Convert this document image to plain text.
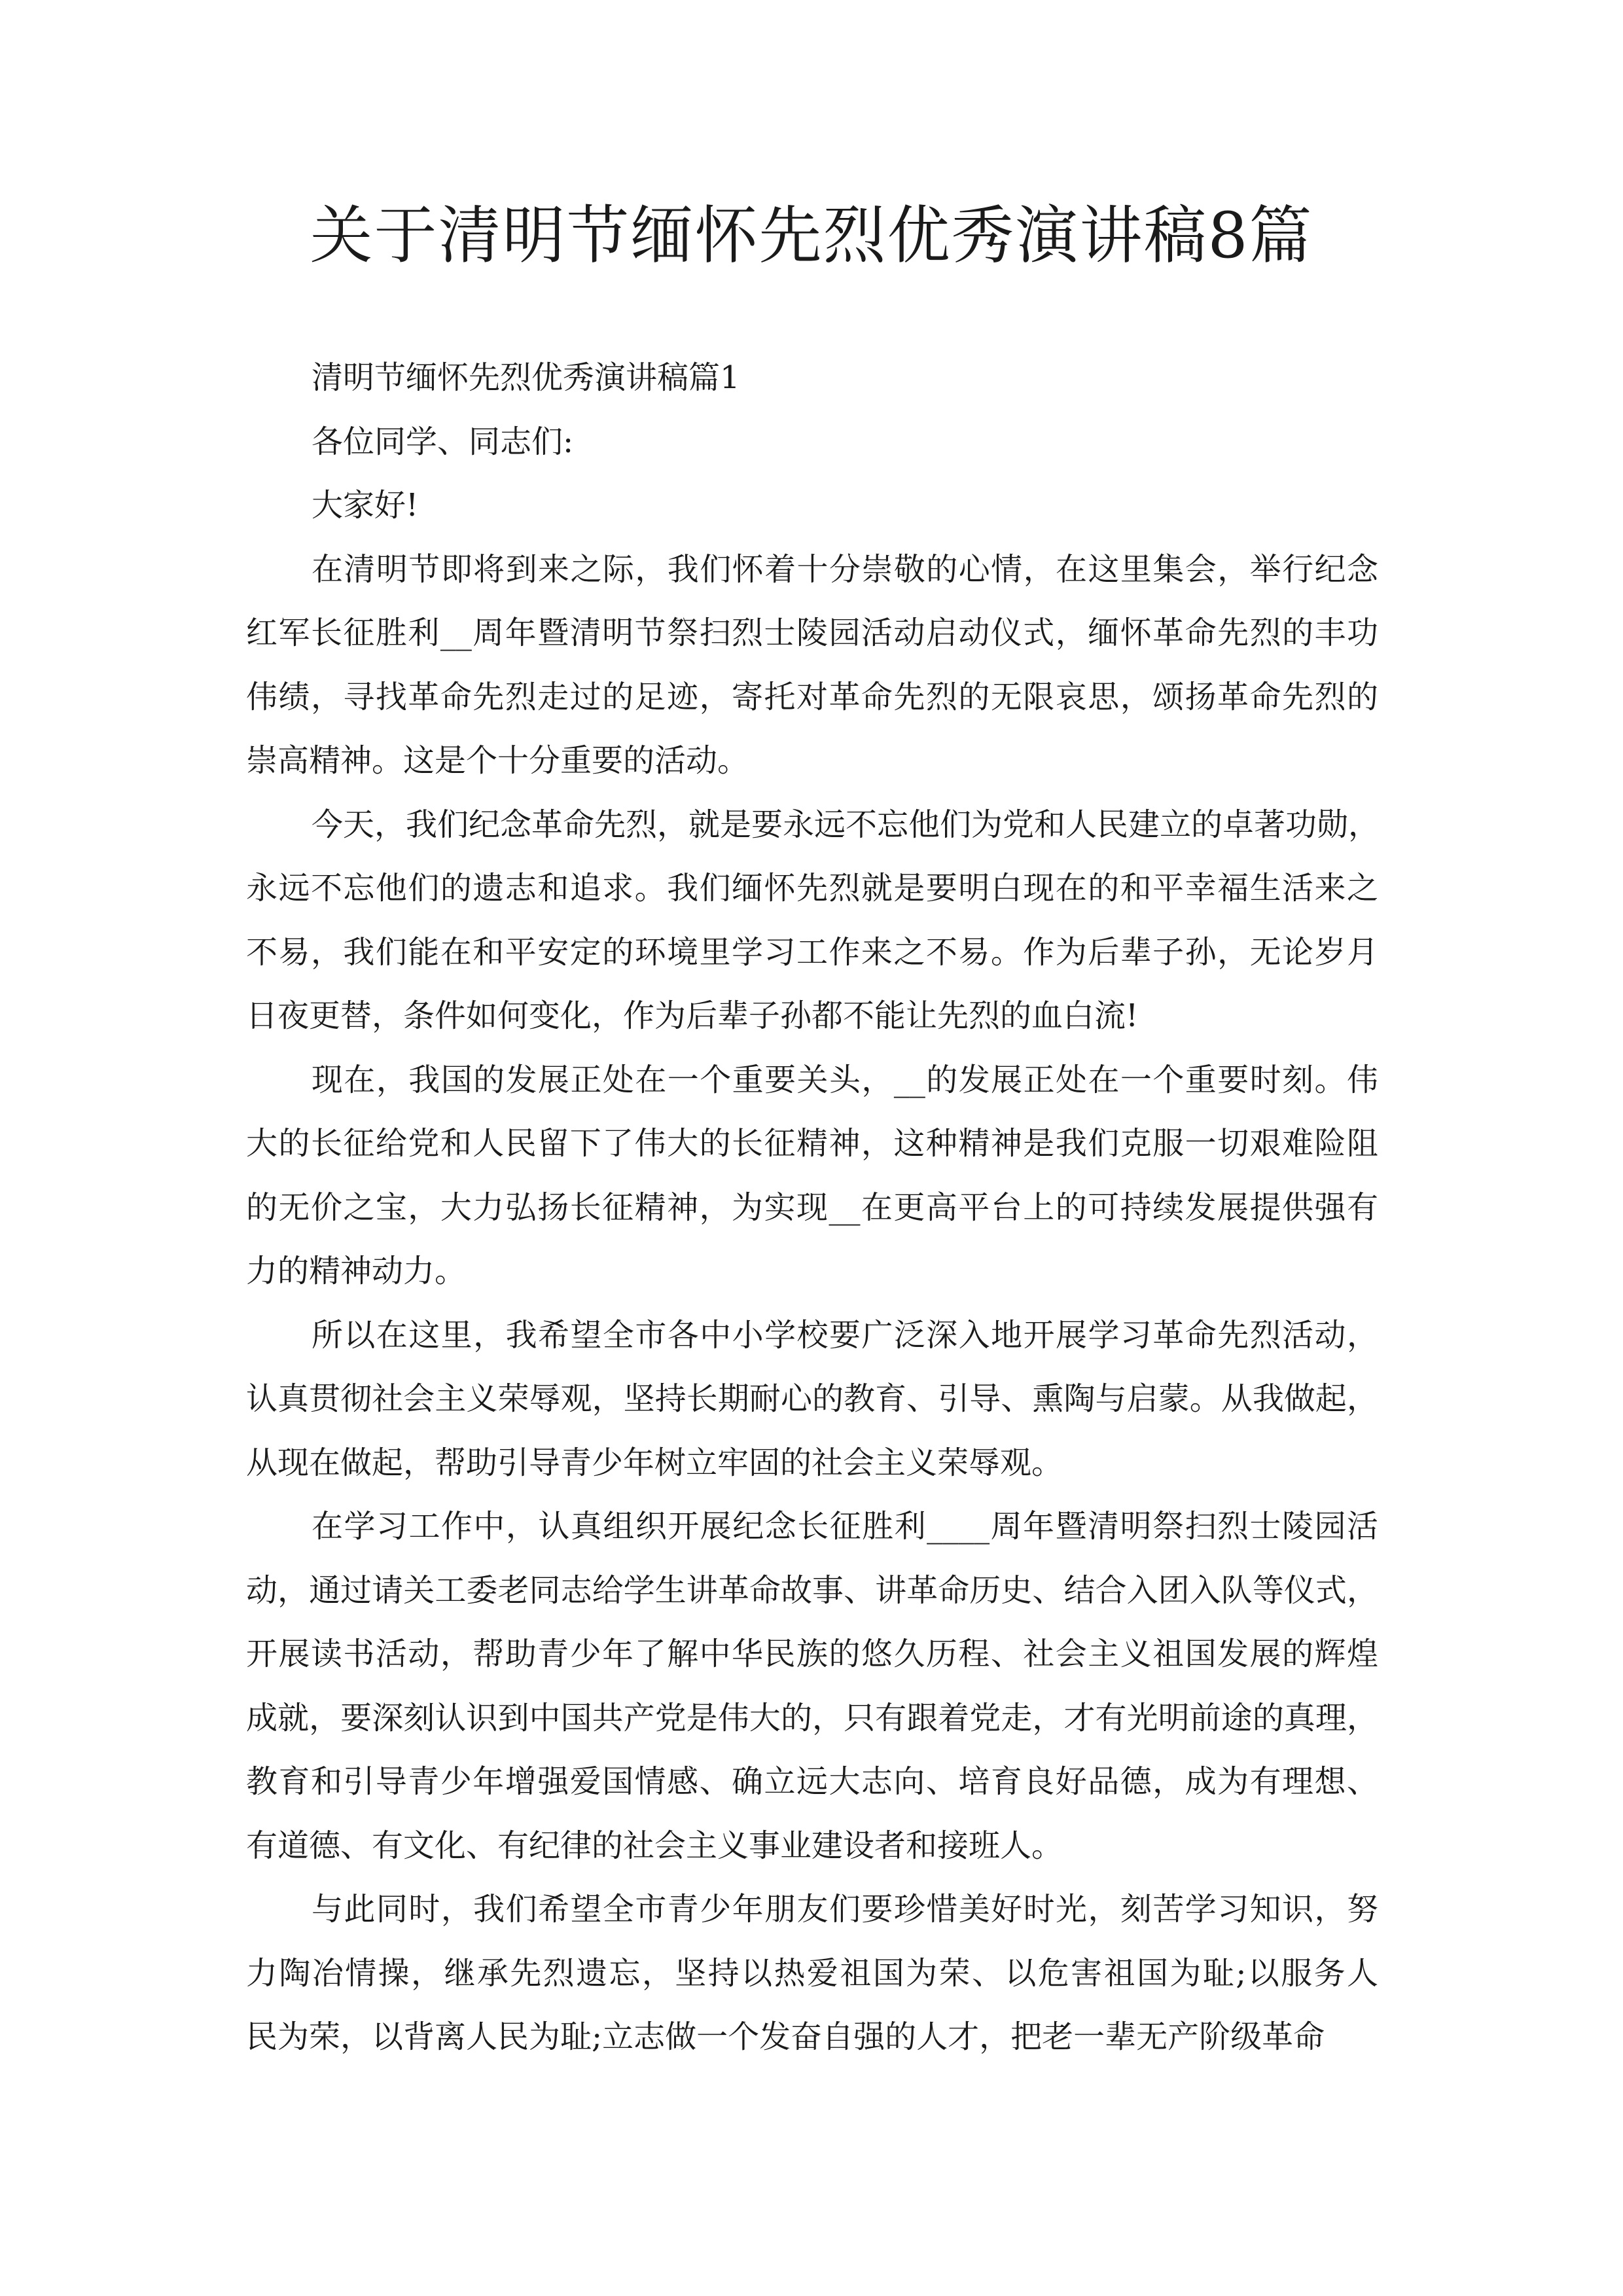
关于清明节缅怀先烈优秀演讲稿8篇
清明节缅怀先烈优秀演讲稿篇1
各位同学、同志们:
大家好!
在清明节即将到来之际，我们怀着十分崇敬的心情，在这里集会，举行纪念
红军长征胜利__周年暨清明节祭扫烈士陵园活动启动仪式，缅怀革命先烈的丰功
伟绩，寻找革命先烈走过的足迹，寄托对革命先烈的无限哀思，颂扬革命先烈的
崇高精神。这是个十分重要的活动。
今天，我们纪念革命先烈，就是要永远不忘他们为党和人民建立的卓著功勋，
永远不忘他们的遗志和追求。我们缅怀先烈就是要明白现在的和平幸福生活来之
不易，我们能在和平安定的环境里学习工作来之不易。作为后辈子孙，无论岁月
日夜更替，条件如何变化，作为后辈子孙都不能让先烈的血白流!
现在，我国的发展正处在一个重要关头，__的发展正处在一个重要时刻。伟
大的长征给党和人民留下了伟大的长征精神，这种精神是我们克服一切艰难险阻
的无价之宝，大力弘扬长征精神，为实现__在更高平台上的可持续发展提供强有
力的精神动力。
所以在这里，我希望全市各中小学校要广泛深入地开展学习革命先烈活动，
认真贯彻社会主义荣辱观，坚持长期耐心的教育、引导、熏陶与启蒙。从我做起，
从现在做起，帮助引导青少年树立牢固的社会主义荣辱观。
在学习工作中，认真组织开展纪念长征胜利____周年暨清明祭扫烈士陵园活
动，通过请关工委老同志给学生讲革命故事、讲革命历史、结合入团入队等仪式，
开展读书活动，帮助青少年了解中华民族的悠久历程、社会主义祖国发展的辉煌
成就，要深刻认识到中国共产党是伟大的，只有跟着党走，才有光明前途的真理，
教育和引导青少年增强爱国情感、确立远大志向、培育良好品德，成为有理想、
有道德、有文化、有纪律的社会主义事业建设者和接班人。
与此同时，我们希望全市青少年朋友们要珍惜美好时光，刻苦学习知识，努
力陶冶情操，继承先烈遗忘，坚持以热爱祖国为荣、以危害祖国为耻;以服务人
民为荣，以背离人民为耻;立志做一个发奋自强的人才，把老一辈无产阶级革命
